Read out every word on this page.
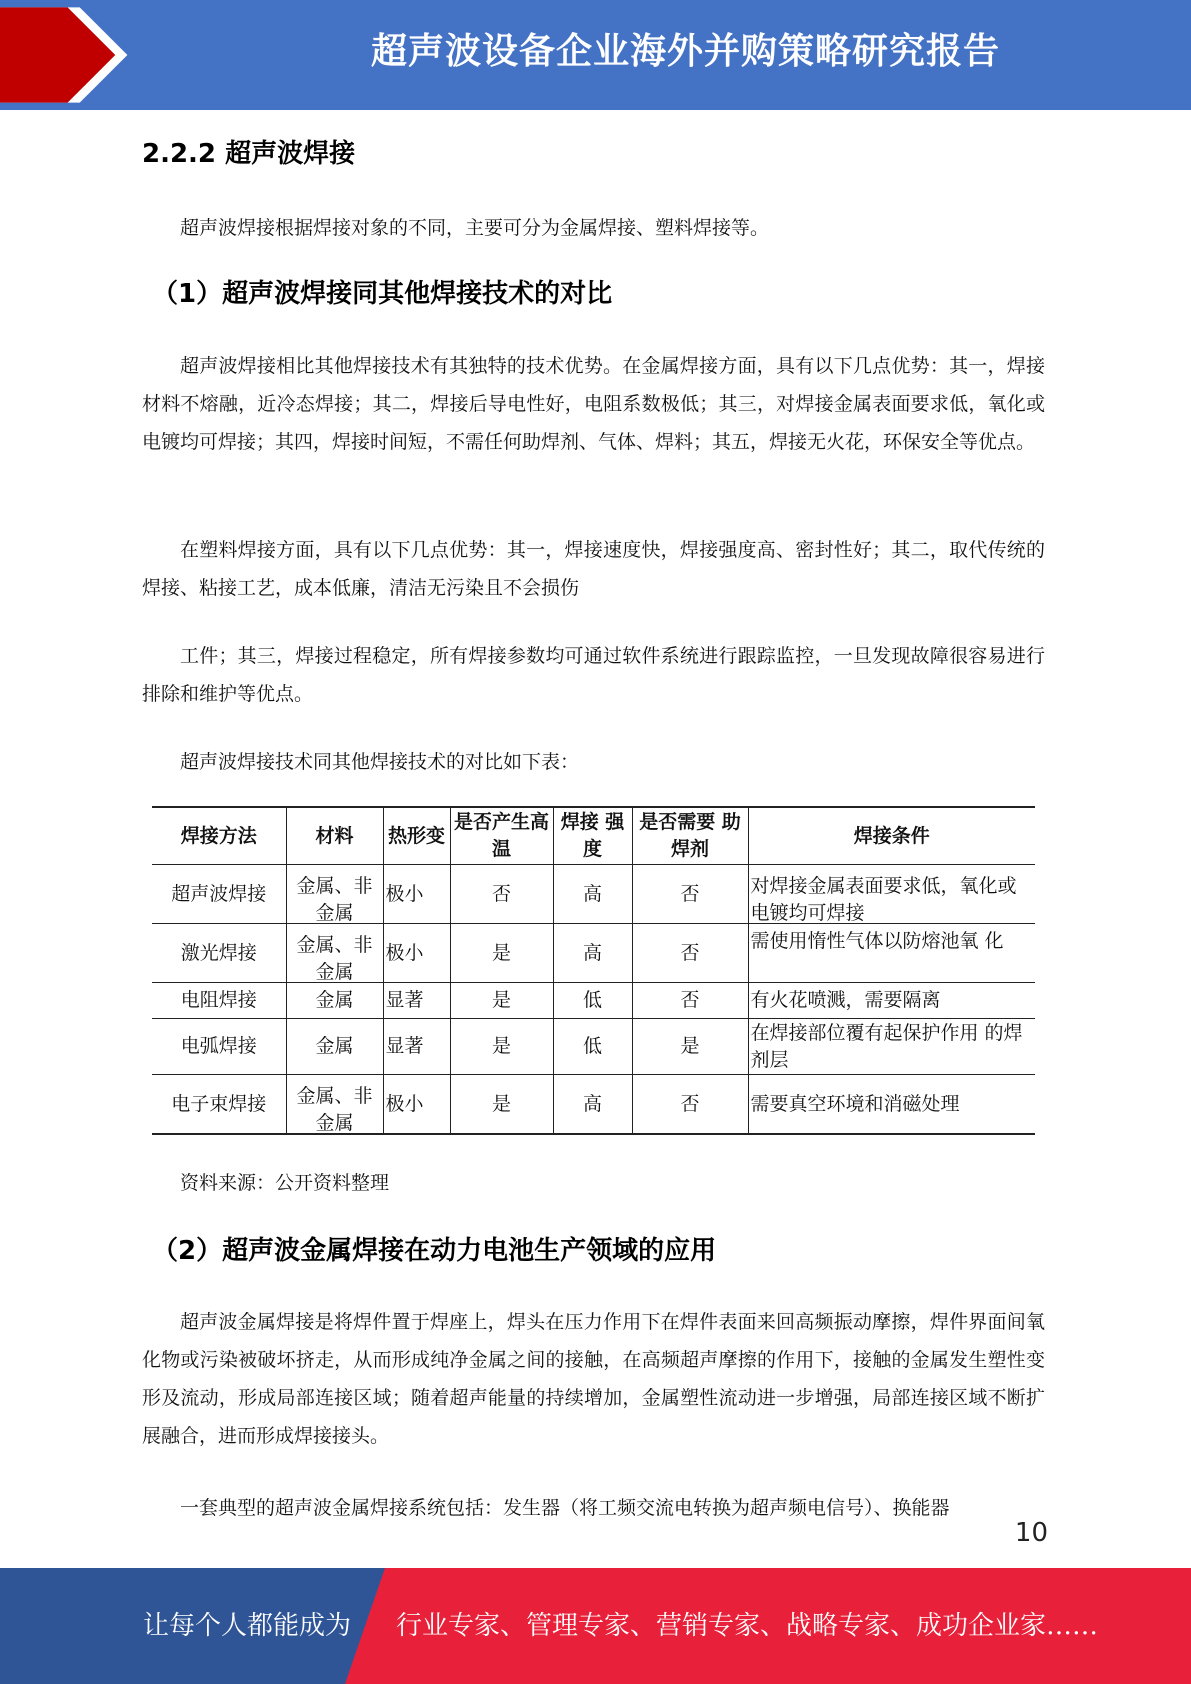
超声波设备企业海外并购策略研究报告
2.2.2 超声波焊接

超声波焊接根据焊接对象的不同，主要可分为金属焊接、塑料焊接等。

（1）超声波焊接同其他焊接技术的对比

超声波焊接相比其他焊接技术有其独特的技术优势。在金属焊接方面，具有以下几点优势：其一，焊接材料不熔融，近冷态焊接；其二，焊接后导电性好，电阻系数极低；其三，对焊接金属表面要求低，氧化或电镀均可焊接；其四，焊接时间短，不需任何助焊剂、气体、焊料；其五，焊接无火花，环保安全等优点。

在塑料焊接方面，具有以下几点优势：其一，焊接速度快，焊接强度高、密封性好；其二，取代传统的焊接、粘接工艺，成本低廉，清洁无污染且不会损伤

工件；其三，焊接过程稳定，所有焊接参数均可通过软件系统进行跟踪监控，一旦发现故障很容易进行排除和维护等优点。

超声波焊接技术同其他焊接技术的对比如下表：

焊接方法	材料	热形变	是否产生高温	焊接 强度	是否需要 助焊剂	焊接条件
超声波焊接	金属、非金属	极小	否	高	否	对焊接金属表面要求低，氧化或电镀均可焊接

激光焊接	金属、非金属	极小	是	高	否	需使用惰性气体以防熔池氧 化
电阻焊接	金属	显著	是	低	否	有火花喷溅，需要隔离
电弧焊接	金属	显著	是	低	是	在焊接部位覆有起保护作用 的焊剂层
电子束焊接	金属、非金属	极小	是	高	否	需要真空环境和消磁处理

资料来源：公开资料整理

（2）超声波金属焊接在动力电池生产领域的应用

超声波金属焊接是将焊件置于焊座上，焊头在压力作用下在焊件表面来回高频振动摩擦，焊件界面间氧化物或污染被破坏挤走，从而形成纯净金属之间的接触，在高频超声摩擦的作用下，接触的金属发生塑性变形及流动，形成局部连接区域；随着超声能量的持续增加，金属塑性流动进一步增强，局部连接区域不断扩展融合，进而形成焊接接头。

一套典型的超声波金属焊接系统包括：发生器（将工频交流电转换为超声频电信号）、换能器

10
让每个人都能成为 行业专家、管理专家、营销专家、战略专家、成功企业家……
